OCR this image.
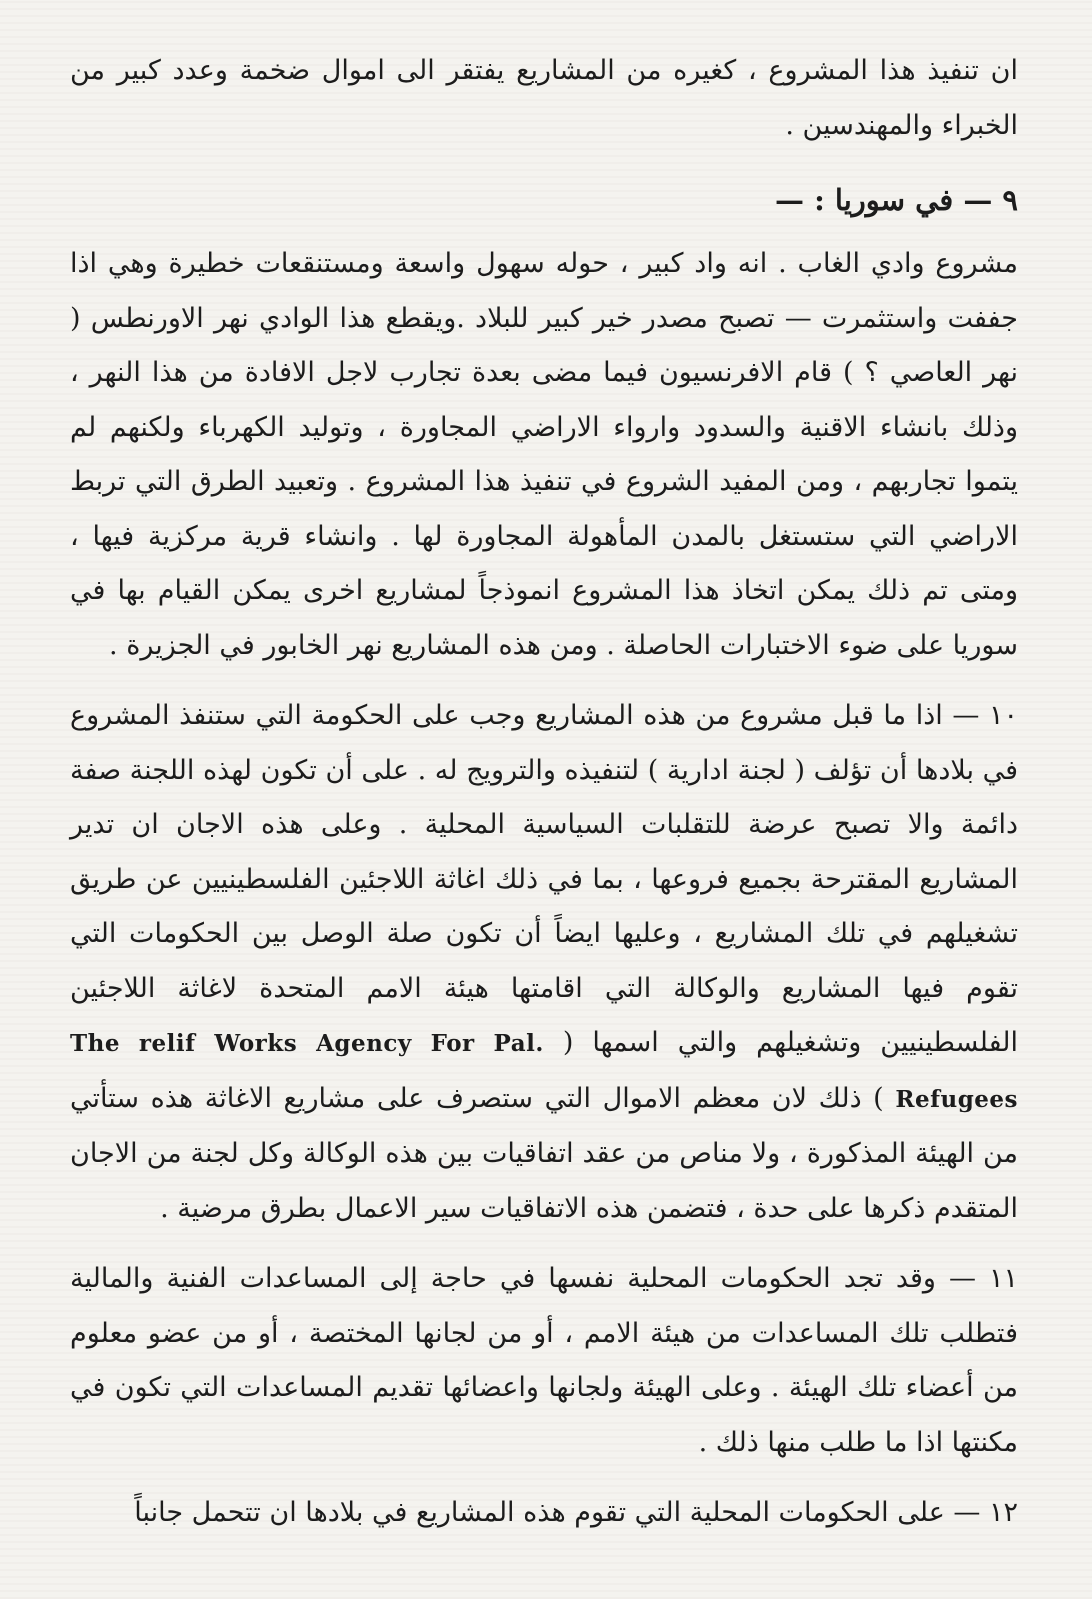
ان تنفيذ هذا المشروع ، كغيره من المشاريع يفتقر الى اموال ضخمة وعدد كبير من الخبراء والمهندسين .

٩ — في سوريا : —

مشروع وادي الغاب . انه واد كبير ، حوله سهول واسعة ومستنقعات خطيرة وهي اذا جففت واستثمرت — تصبح مصدر خير كبير للبلاد .ويقطع هذا الوادي نهر الاورنطس ( نهر العاصي ؟ ) قام الافرنسيون فيما مضى بعدة تجارب لاجل الافادة من هذا النهر ، وذلك بانشاء الاقنية والسدود وارواء الاراضي المجاورة ، وتوليد الكهرباء ولكنهم لم يتموا تجاربهم ، ومن المفيد الشروع في تنفيذ هذا المشروع . وتعبيد الطرق التي تربط الاراضي التي ستستغل بالمدن المأهولة المجاورة لها . وانشاء قرية مركزية فيها ، ومتى تم ذلك يمكن اتخاذ هذا المشروع انموذجاً لمشاريع اخرى يمكن القيام بها في سوريا على ضوء الاختبارات الحاصلة . ومن هذه المشاريع نهر الخابور في الجزيرة .

١٠ — اذا ما قبل مشروع من هذه المشاريع وجب على الحكومة التي ستنفذ المشروع في بلادها أن تؤلف ( لجنة ادارية ) لتنفيذه والترويج له . على أن تكون لهذه اللجنة صفة دائمة والا تصبح عرضة للتقلبات السياسية المحلية . وعلى هذه الاجان ان تدير المشاريع المقترحة بجميع فروعها ، بما في ذلك اغاثة اللاجئين الفلسطينيين عن طريق تشغيلهم في تلك المشاريع ، وعليها ايضاً أن تكون صلة الوصل بين الحكومات التي تقوم فيها المشاريع والوكالة التي اقامتها هيئة الامم المتحدة لاغاثة اللاجئين الفلسطينيين وتشغيلهم والتي اسمها ( The relif Works Agency For Pal. Refugees ) ذلك لان معظم الاموال التي ستصرف على مشاريع الاغاثة هذه ستأتي من الهيئة المذكورة ، ولا مناص من عقد اتفاقيات بين هذه الوكالة وكل لجنة من الاجان المتقدم ذكرها على حدة ، فتضمن هذه الاتفاقيات سير الاعمال بطرق مرضية .

١١ — وقد تجد الحكومات المحلية نفسها في حاجة إلى المساعدات الفنية والمالية فتطلب تلك المساعدات من هيئة الامم ، أو من لجانها المختصة ، أو من عضو معلوم من أعضاء تلك الهيئة . وعلى الهيئة ولجانها واعضائها تقديم المساعدات التي تكون في مكنتها اذا ما طلب منها ذلك .

١٢ — على الحكومات المحلية التي تقوم هذه المشاريع في بلادها ان تتحمل جانباً
